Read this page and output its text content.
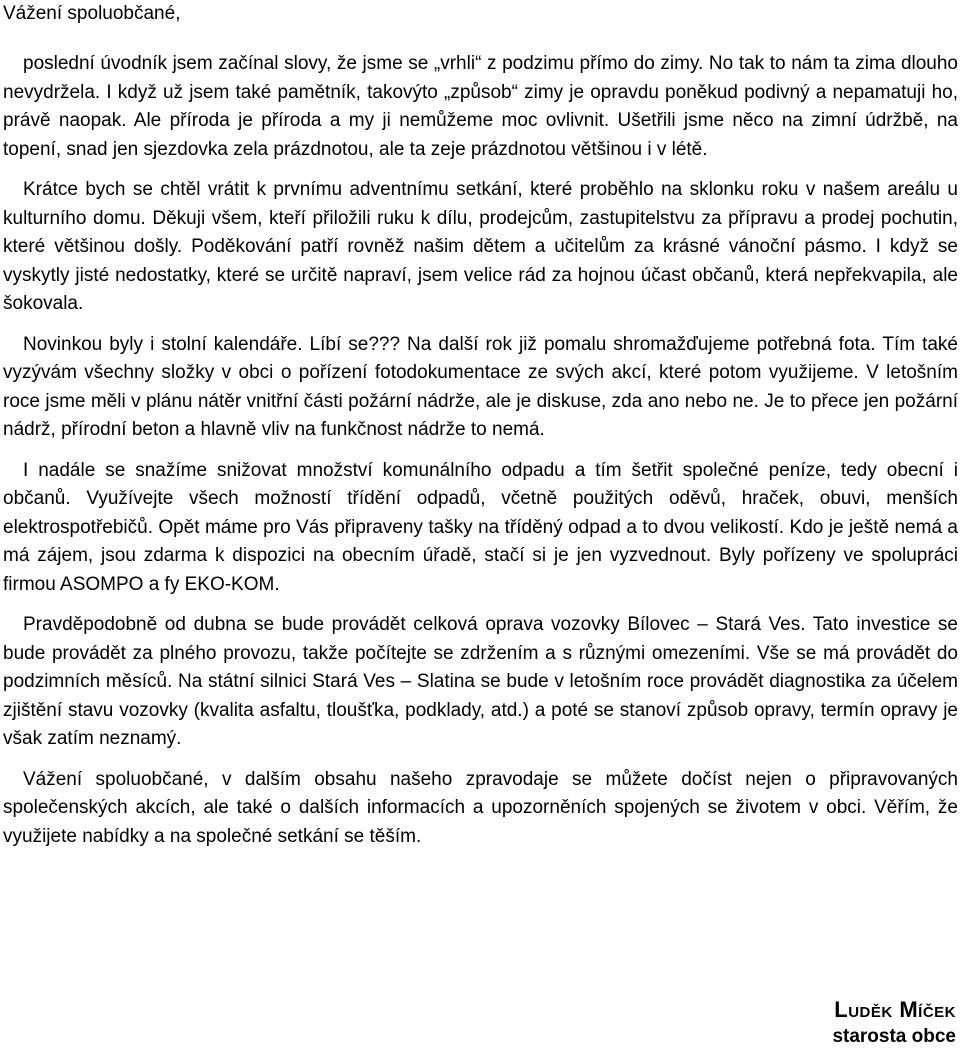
Vážení spoluobčané,

poslední úvodník jsem začínal slovy, že jsme se „vrhli“ z podzimu přímo do zimy. No tak to nám ta zima dlouho nevydržela. I když už jsem také pamětník, takovýto „způsob“ zimy je opravdu poněkud podivný a nepamatuji ho, právě naopak. Ale příroda je příroda a my ji nemůžeme moc ovlivnit. Ušetřili jsme něco na zimní údržbě, na topení, snad jen sjezdovka zela prázdnotou, ale ta zeje prázdnotou většinou i v létě.

Krátce bych se chtěl vrátit k prvnímu adventnímu setkání, které proběhlo na sklonku roku v našem areálu u kulturního domu. Děkuji všem, kteří přiložili ruku k dílu, prodejcům, zastupitelstvu za přípravu a prodej pochutin, které většinou došly. Poděkování patří rovněž našim dětem a učitelům za krásné vánoční pásmo. I když se vyskytly jisté nedostatky, které se určitě napraví, jsem velice rád za hojnou účast občanů, která nepřekvapila, ale šokovala.

Novinkou byly i stolní kalendáře. Líbí se??? Na další rok již pomalu shromažďujeme potřebná fota. Tím také vyzývám všechny složky v obci o pořízení fotodokumentace ze svých akcí, které potom využijeme. V letošním roce jsme měli v plánu nátěr vnitřní části požární nádrže, ale je diskuse, zda ano nebo ne. Je to přece jen požární nádrž, přírodní beton a hlavně vliv na funkčnost nádrže to nemá.

I nadále se snažíme snižovat množství komunálního odpadu a tím šetřit společné peníze, tedy obecní i občanů. Využívejte všech možností třídění odpadů, včetně použitých oděvů, hraček, obuvi, menších elektrospotřebičů. Opět máme pro Vás připraveny tašky na tříděný odpad a to dvou velikostí. Kdo je ještě nemá a má zájem, jsou zdarma k dispozici na obecním úřadě, stačí si je jen vyzvednout. Byly pořízeny ve spolupráci firmou ASOMPO a fy EKO-KOM.

Pravděpodobně od dubna se bude provádět celková oprava vozovky Bílovec – Stará Ves. Tato investice se bude provádět za plného provozu, takže počítejte se zdržením a s různými omezeními. Vše se má provádět do podzimních měsíců. Na státní silnici Stará Ves – Slatina se bude v letošním roce provádět diagnostika za účelem zjištění stavu vozovky (kvalita asfaltu, tloušťka, podklady, atd.) a poté se stanoví způsob opravy, termín opravy je však zatím neznamý.

Vážení spoluobčané, v dalším obsahu našeho zpravodaje se můžete dočíst nejen o připravovaných společenských akcích, ale také o dalších informacích a upozorněních spojených se životem v obci. Věřím, že využijete nabídky a na společné setkání se těším.

Luděk Míček
starosta obce
